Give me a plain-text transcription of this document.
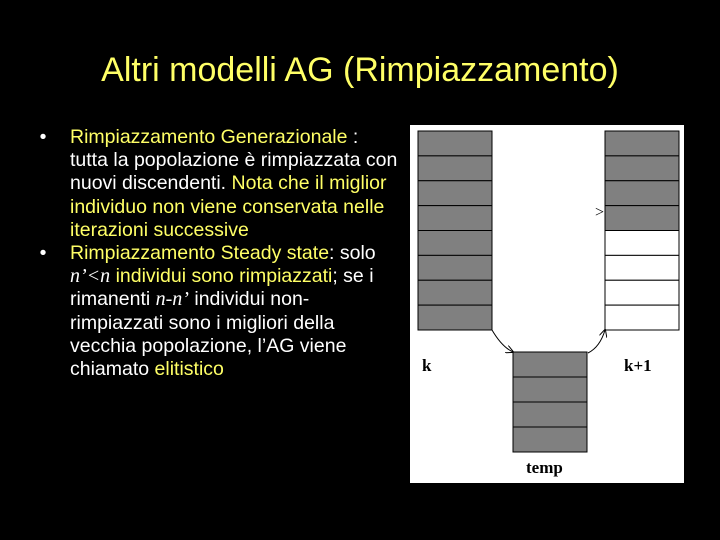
Altri modelli AG (Rimpiazzamento)
•	Rimpiazzamento Generazionale : tutta la popolazione è rimpiazzata con nuovi discendenti. Nota che il miglior individuo non viene conservata nelle iterazioni successive
•	Rimpiazzamento Steady state: solo n’<n individui sono rimpiazzati; se i rimanenti n-n’ individui non-rimpiazzati sono i migliori della vecchia popolazione, l’AG viene chiamato elitistico
>
k	k+1
temp
